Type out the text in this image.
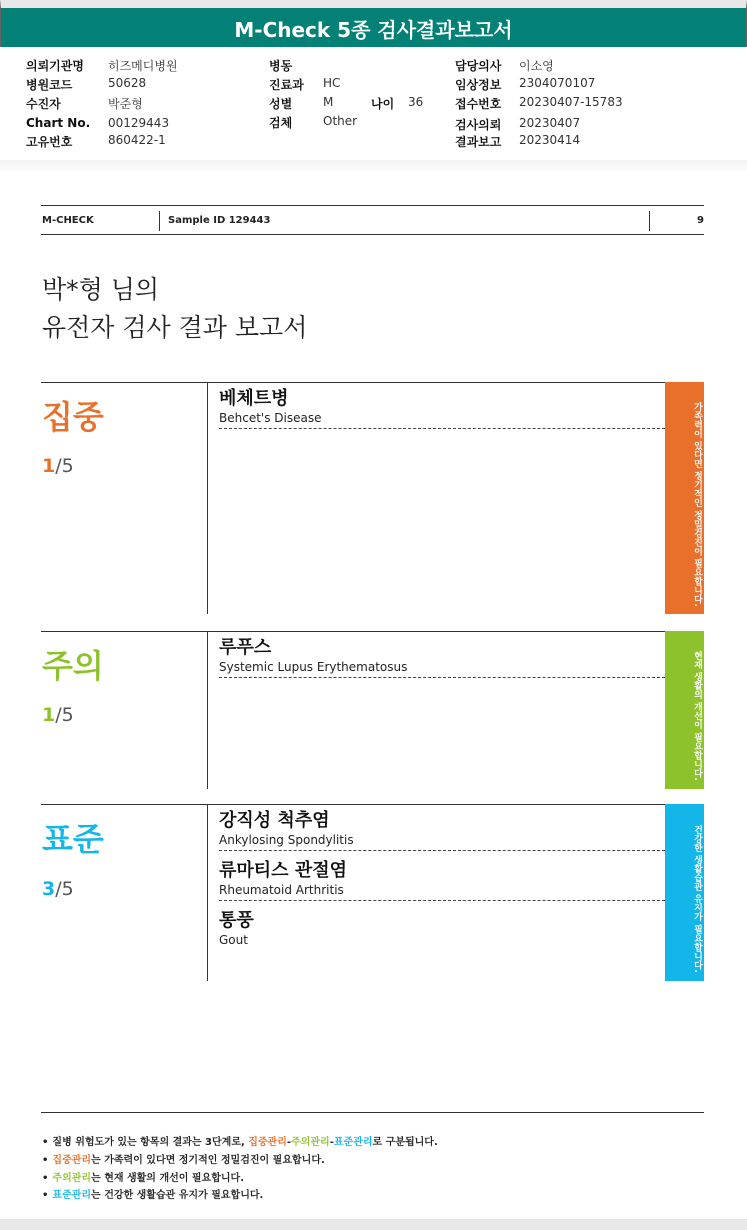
M-Check 5종 검사결과보고서
의뢰기관명 히즈메디병원
병원코드	50628
수진자	박준형
Chart No. 00129443
고유번호	860422-1
병동
진료과 HC
성별	M	나이 36
검체	Other
담당의사 이소영
임상정보 2304070107
접수번호 20230407-15783
검사의뢰 20230407
결과보고 20230414
M-CHECK	Sample ID 129443	9
박*형 님의
유전자 검사 결과 보고서
집중
1/5	가족력이 있다면 정기적인 정밀검진이 필요합니다.
베체트병
Behcet's Disease
주의
1/5	현재 생활의 개선이 필요합니다.
루푸스
Systemic Lupus Erythematosus
표준
3/5	건강한 생활습관 유지가 필요합니다.
강직성 척추염
Ankylosing Spondylitis
류마티스 관절염
Rheumatoid Arthritis
통풍
Gout
• 질병 위험도가 있는 항목의 결과는 3단계로, 집중관리-주의관리-표준관리로 구분됩니다.
• 집중관리는 가족력이 있다면 정기적인 정밀검진이 필요합니다.
• 주의관리는 현재 생활의 개선이 필요합니다.
• 표준관리는 건강한 생활습관 유지가 필요합니다.
